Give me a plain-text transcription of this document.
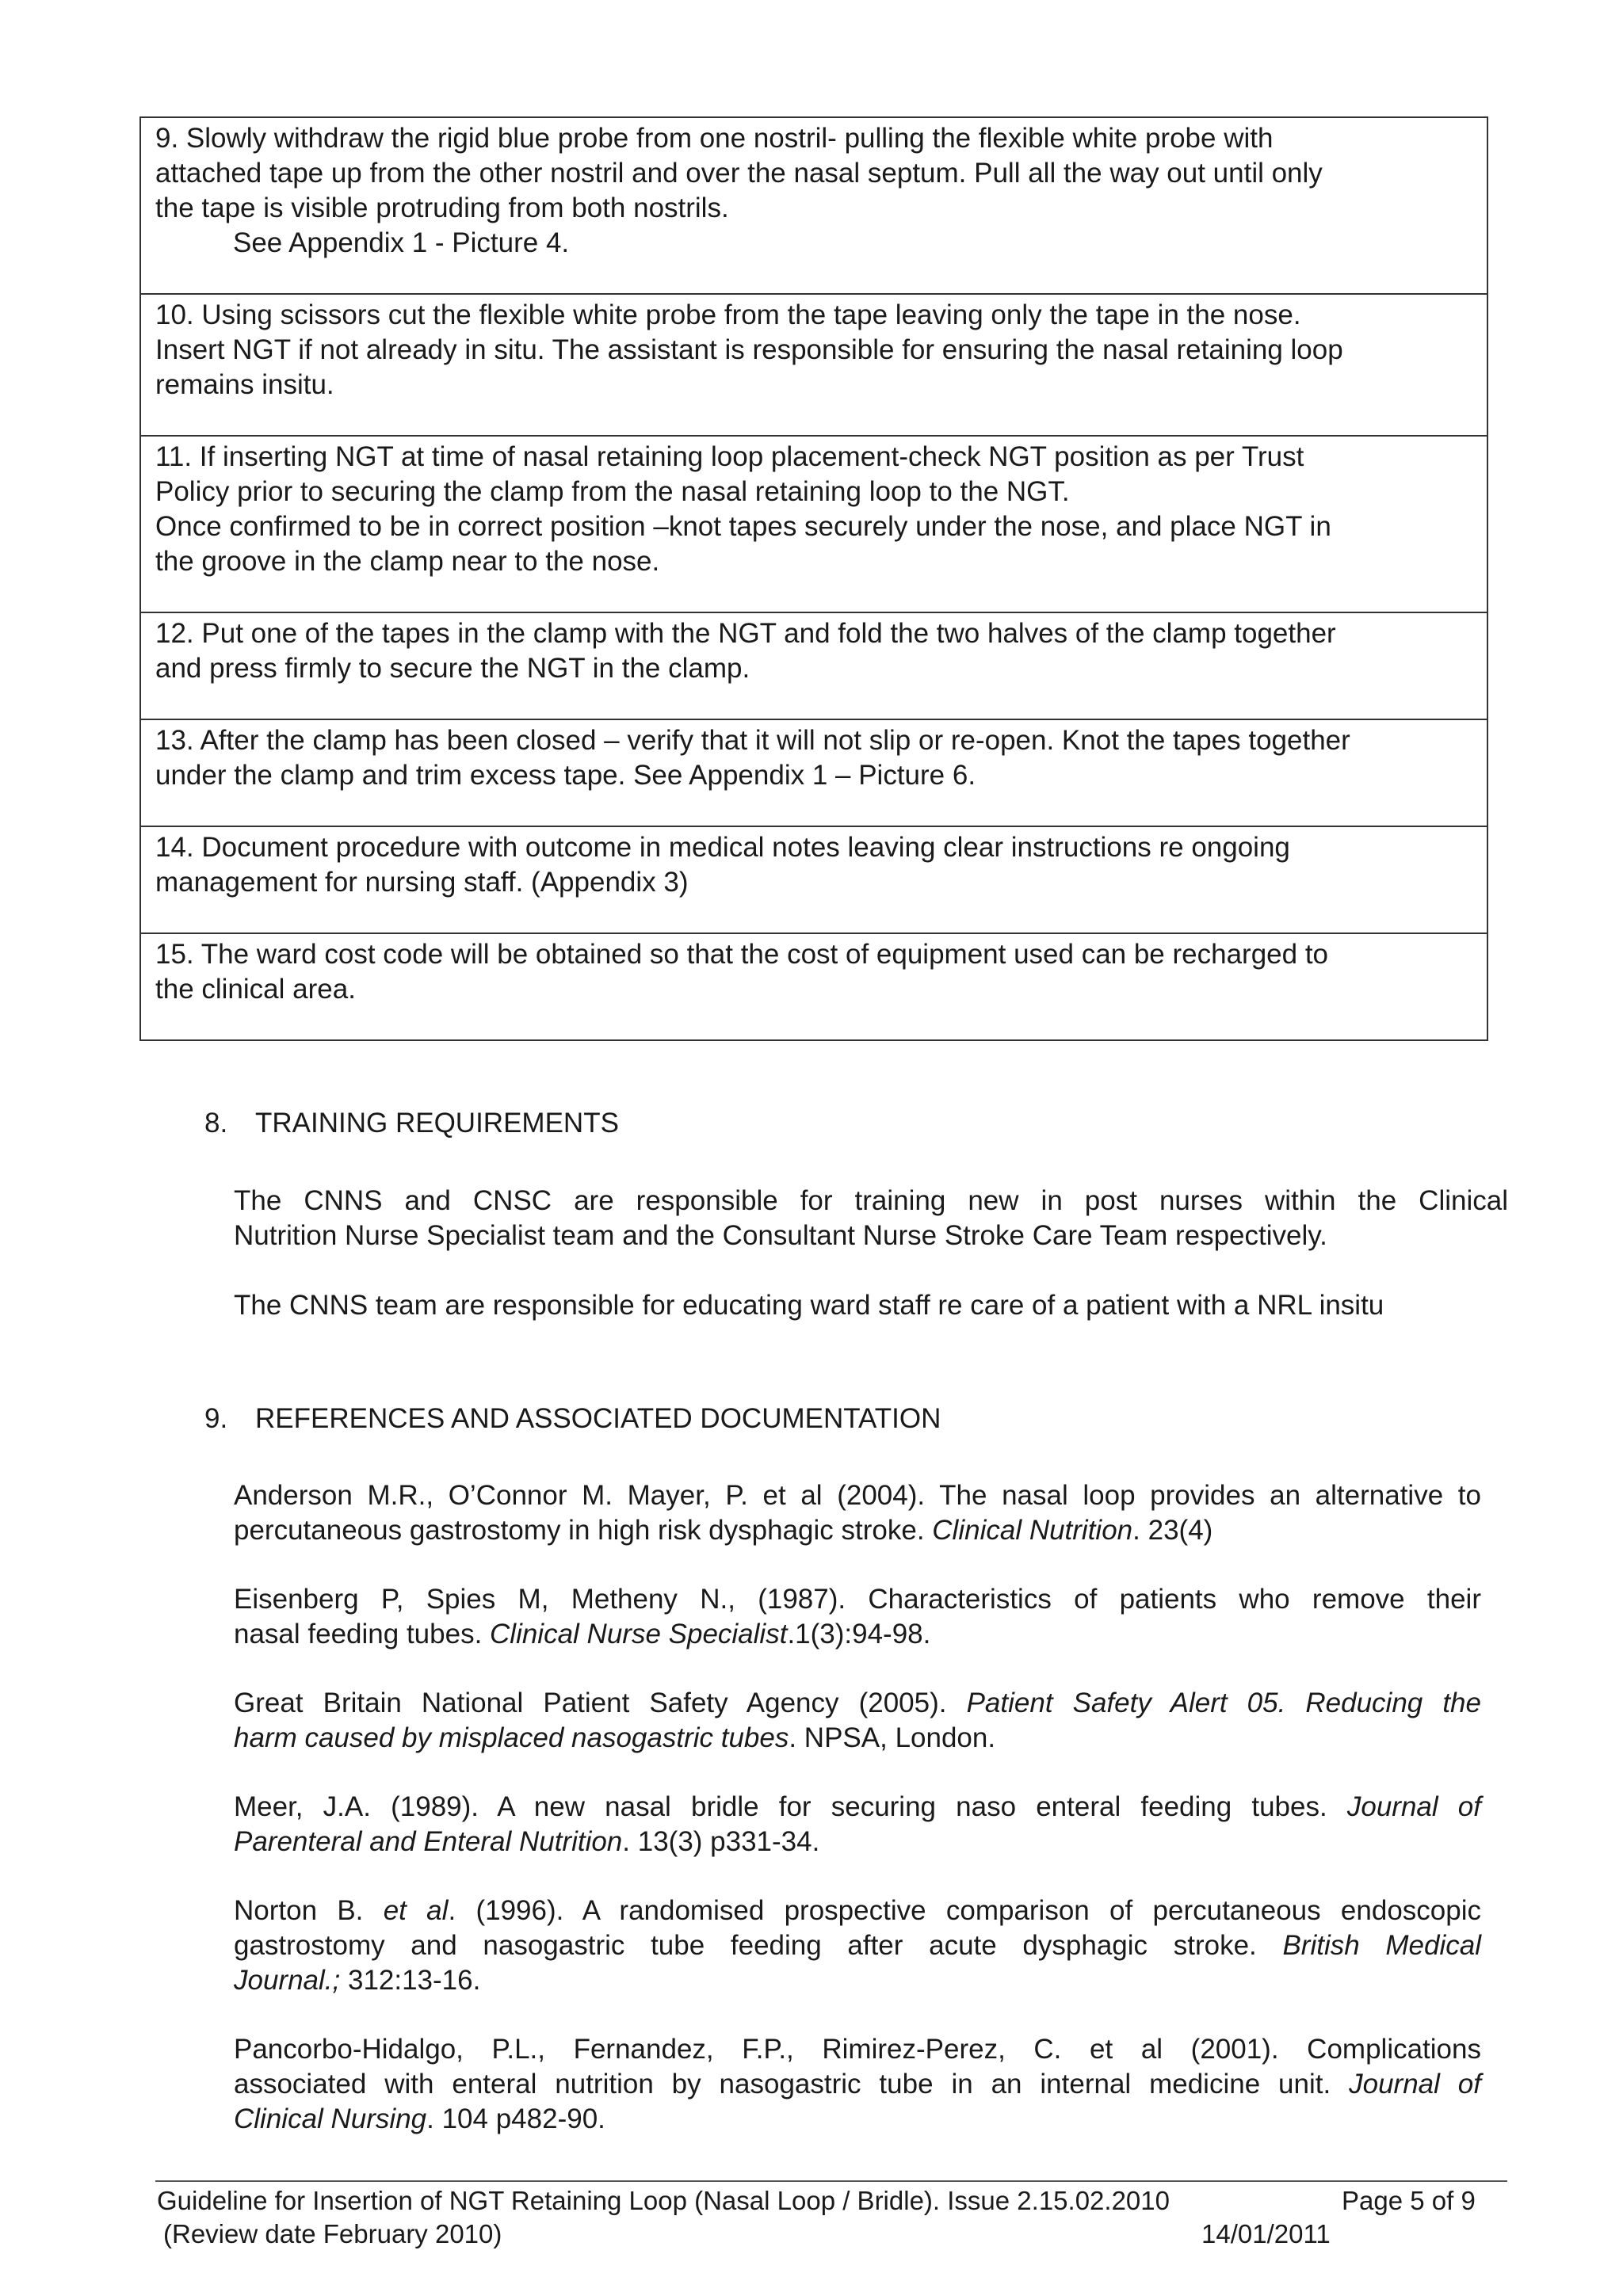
9. Slowly withdraw the rigid blue probe from one nostril- pulling the flexible white probe with
attached tape up from the other nostril and over the nasal septum. Pull all the way out until only
the tape is visible protruding from both nostrils.
See Appendix 1 - Picture 4.

10. Using scissors cut the flexible white probe from the tape leaving only the tape in the nose.
Insert NGT if not already in situ. The assistant is responsible for ensuring the nasal retaining loop
remains insitu.

11. If inserting NGT at time of nasal retaining loop placement-check NGT position as per Trust
Policy prior to securing the clamp from the nasal retaining loop to the NGT.
Once confirmed to be in correct position –knot tapes securely under the nose, and place NGT in
the groove in the clamp near to the nose.

12. Put one of the tapes in the clamp with the NGT and fold the two halves of the clamp together
and press firmly to secure the NGT in the clamp.

13. After the clamp has been closed – verify that it will not slip or re-open. Knot the tapes together
under the clamp and trim excess tape. See Appendix 1 – Picture 6.

14. Document procedure with outcome in medical notes leaving clear instructions re ongoing
management for nursing staff. (Appendix 3)

15. The ward cost code will be obtained so that the cost of equipment used can be recharged to
the clinical area.
8. TRAINING REQUIREMENTS
The CNNS and CNSC are responsible for training new in post nurses within the Clinical
Nutrition Nurse Specialist team and the Consultant Nurse Stroke Care Team respectively.
The CNNS team are responsible for educating ward staff re care of a patient with a NRL insitu
9. REFERENCES AND ASSOCIATED DOCUMENTATION
Anderson M.R., O’Connor M. Mayer, P. et al (2004). The nasal loop provides an alternative to
percutaneous gastrostomy in high risk dysphagic stroke. Clinical Nutrition. 23(4)
Eisenberg P, Spies M, Metheny N., (1987). Characteristics of patients who remove their
nasal feeding tubes. Clinical Nurse Specialist.1(3):94-98.
Great Britain National Patient Safety Agency (2005). Patient Safety Alert 05. Reducing the
harm caused by misplaced nasogastric tubes. NPSA, London.
Meer, J.A. (1989). A new nasal bridle for securing naso enteral feeding tubes. Journal of
Parenteral and Enteral Nutrition. 13(3) p331-34.
Norton B. et al. (1996). A randomised prospective comparison of percutaneous endoscopic
gastrostomy and nasogastric tube feeding after acute dysphagic stroke. British Medical
Journal.; 312:13-16.
Pancorbo-Hidalgo, P.L., Fernandez, F.P., Rimirez-Perez, C. et al (2001). Complications
associated with enteral nutrition by nasogastric tube in an internal medicine unit. Journal of
Clinical Nursing. 104 p482-90.
Guideline for Insertion of NGT Retaining Loop (Nasal Loop / Bridle). Issue 2.15.02.2010	Page 5 of 9
(Review date February 2010)	14/01/2011
